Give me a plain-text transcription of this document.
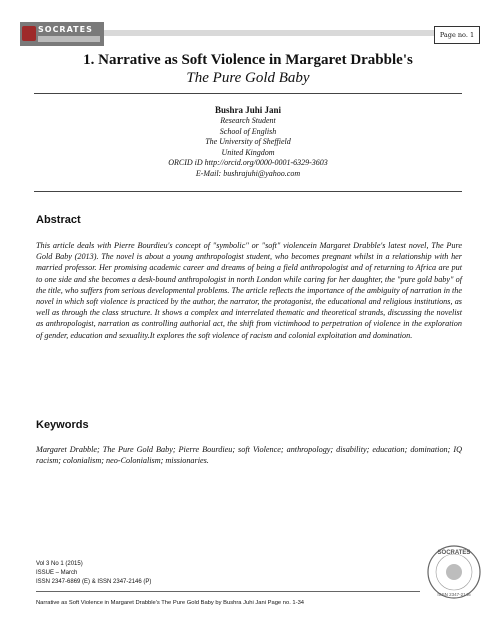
SOCRATES
Page no. 1
1. Narrative as Soft Violence in Margaret Drabble's
The Pure Gold Baby
Bushra Juhi Jani
Research Student
School of English
The University of Sheffield
United Kingdom
ORCID iD http://orcid.org/0000-0001-6329-3603
E-Mail: bushrajuhi@yahoo.com
Abstract
This article deals with Pierre Bourdieu's concept of "symbolic" or "soft" violencein Margaret Drabble's latest novel, The Pure Gold Baby (2013). The novel is about a young anthropologist student, who becomes pregnant whilst in a relationship with her married professor. Her promising academic career and dreams of being a field anthropologist and of returning to Africa are put to one side and she becomes a desk-bound anthropologist in north London while caring for her daughter, the "pure gold baby" of the title, who suffers from serious developmental problems. The article reflects the importance of the ambiguity of narration in the novel in which soft violence is practiced by the author, the narrator, the protagonist, the educational and religious institutions, as well as through the class structure. It shows a complex and interrelated thematic and theoretical strands, discussing the novelist as anthropologist, narration as controlling authorial act, the shift from victimhood to perpetration of violence in the exploration of gender, education and sexuality.It explores the soft violence of racism and colonial exploitation and domination.
Keywords
Margaret Drabble; The Pure Gold Baby; Pierre Bourdieu; soft Violence; anthropology; disability; education; domination; IQ racism; colonialism; neo-Colonialism; missionaries.
Vol 3 No 1 (2015)
ISSUE – March
ISSN 2347-6869 (E) & ISSN 2347-2146 (P)
Narrative as Soft Violence in Margaret Drabble's The Pure Gold Baby by Bushra Juhi Jani Page no. 1-34
SOCRATES
ISSN 2347-2146
